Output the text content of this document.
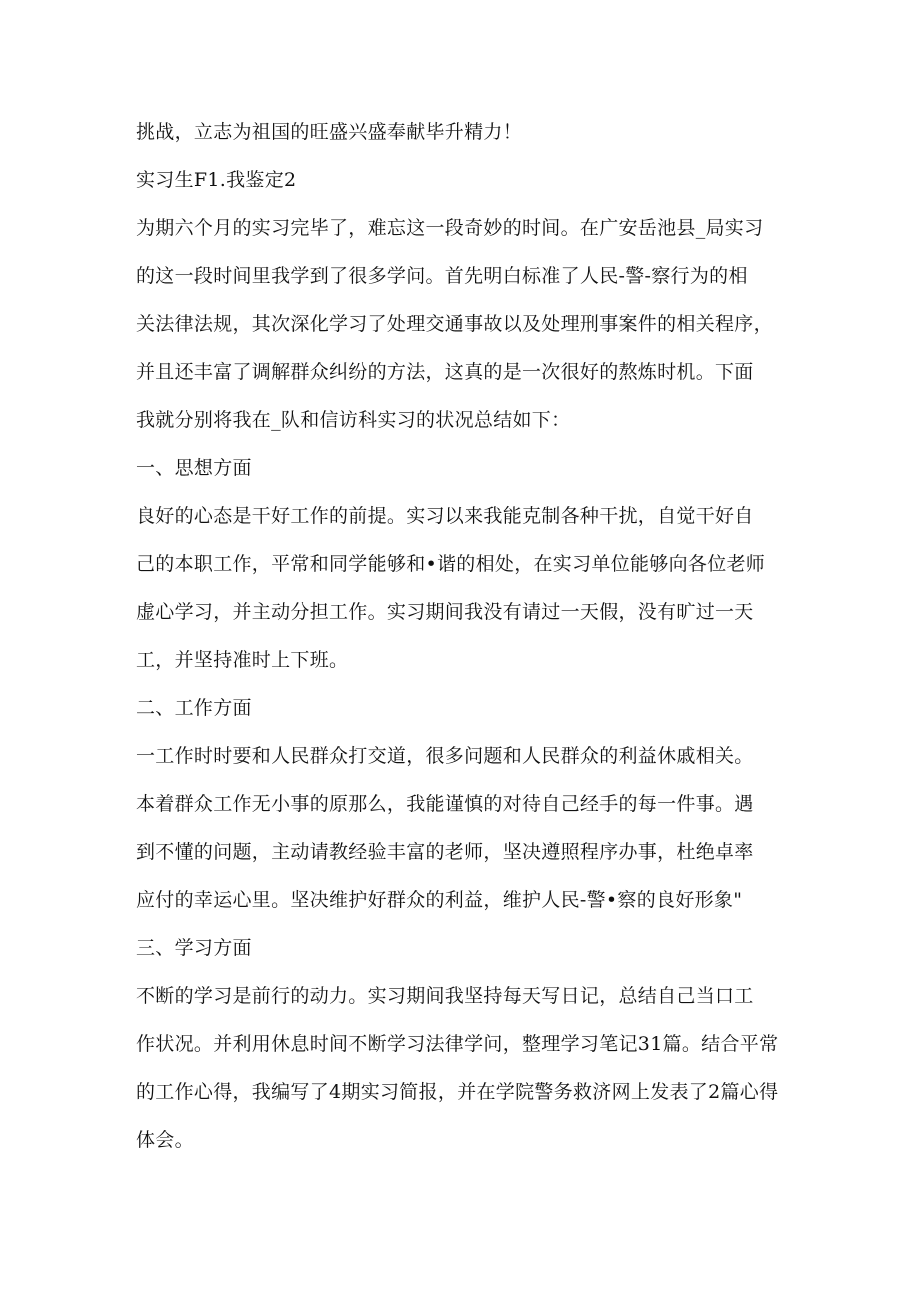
挑战，立志为祖国的旺盛兴盛奉献毕升精力！
实习生F1.我鉴定2
为期六个月的实习完毕了，难忘这一段奇妙的时间。在广安岳池县_局实习
的这一段时间里我学到了很多学问。首先明白标准了人民-警-察行为的相
关法律法规，其次深化学习了处理交通事故以及处理刑事案件的相关程序，
并且还丰富了调解群众纠纷的方法，这真的是一次很好的熬炼时机。下面
我就分别将我在_队和信访科实习的状况总结如下：
一、思想方面
良好的心态是干好工作的前提。实习以来我能克制各种干扰，自觉干好自
己的本职工作，平常和同学能够和•谐的相处，在实习单位能够向各位老师
虚心学习，并主动分担工作。实习期间我没有请过一天假，没有旷过一天
工，并坚持准时上下班。
二、工作方面
一工作时时要和人民群众打交道，很多问题和人民群众的利益休戚相关。
本着群众工作无小事的原那么，我能谨慎的对待自己经手的每一件事。遇
到不懂的问题，主动请教经验丰富的老师，坚决遵照程序办事，杜绝卓率
应付的幸运心里。坚决维护好群众的利益，维护人民-警•察的良好形象"
三、学习方面
不断的学习是前行的动力。实习期间我坚持每天写日记，总结自己当口工
作状况。并利用休息时间不断学习法律学问，整理学习笔记31篇。结合平常
的工作心得，我编写了4期实习简报，并在学院警务救济网上发表了2篇心得
体会。
